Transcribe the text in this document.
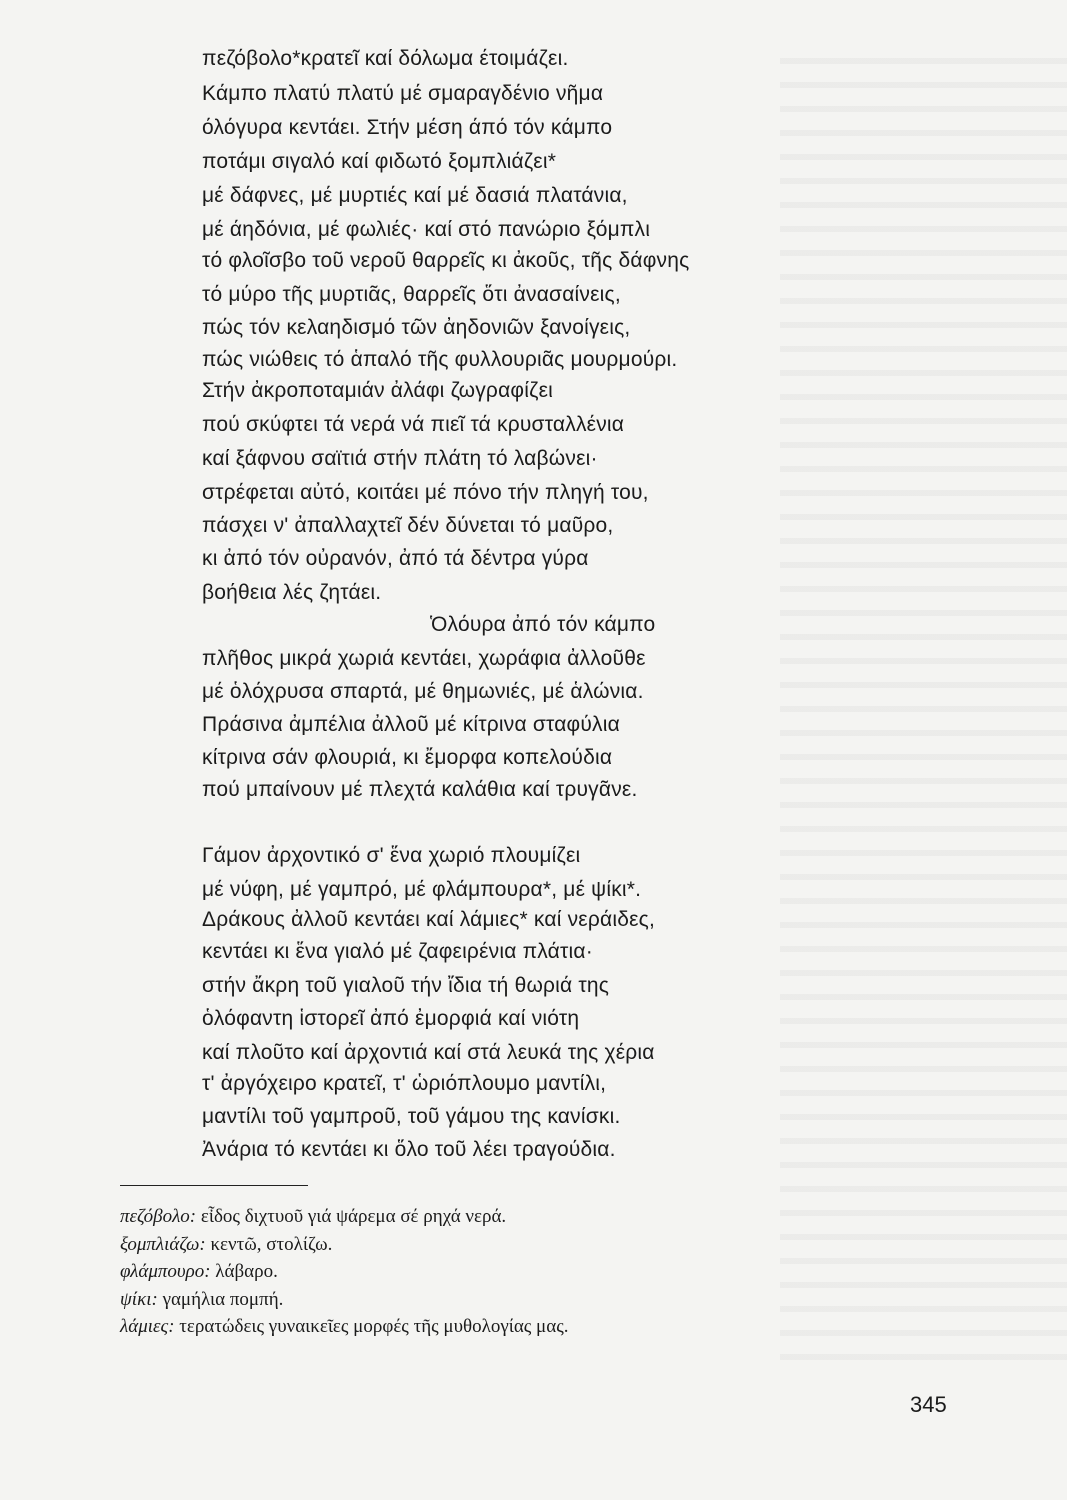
πεζόβολο*κρατεῖ καί δόλωμα έτοιμάζει.
Κάμπο πλατύ πλατύ μέ σμαραγδένιο νῆμα
όλόγυρα κεντάει. Στήν μέση άπό τόν κάμπο
ποτάμι σιγαλό καί φιδωτό ξομπλιάζει*
μέ δάφνες, μέ μυρτιές καί μέ δασιά πλατάνια,
μέ άηδόνια, μέ φωλιές· καί στό πανώριο ξόμπλι
τό φλοῖσβο τοῦ νεροῦ θαρρεῖς κι ἀκοῦς, τῆς δάφνης
τό μύρο τῆς μυρτιᾶς, θαρρεῖς ὅτι ἀνασαίνεις,
πώς τόν κελαηδισμό τῶν ἀηδονιῶν ξανοίγεις,
πώς νιώθεις τό ἁπαλό τῆς φυλλουριᾶς μουρμούρι.
Στήν ἀκροποταμιάν ἀλάφι ζωγραφίζει
πού σκύφτει τά νερά νά πιεῖ τά κρυσταλλένια
καί ξάφνου σαϊτιά στήν πλάτη τό λαβώνει·
στρέφεται αὐτό, κοιτάει μέ πόνο τήν πληγή του,
πάσχει ν' ἀπαλλαχτεῖ δέν δύνεται τό μαῦρο,
κι ἀπό τόν οὐρανόν, ἀπό τά δέντρα γύρα
βοήθεια λές ζητάει.
Ὁλόυρα ἀπό τόν κάμπο
πλῆθος μικρά χωριά κεντάει, χωράφια ἀλλοῦθε
μέ ὁλόχρυσα σπαρτά, μέ θημωνιές, μέ ἁλώνια.
Πράσινα ἀμπέλια ἀλλοῦ μέ κίτρινα σταφύλια
κίτρινα σάν φλουριά, κι ἔμορφα κοπελούδια
πού μπαίνουν μέ πλεχτά καλάθια καί τρυγᾶνε.
Γάμον ἀρχοντικό σ' ἕνα χωριό πλουμίζει
μέ νύφη, μέ γαμπρό, μέ φλάμπουρα*, μέ ψίκι*.
Δράκους ἀλλοῦ κεντάει καί λάμιες* καί νεράιδες,
κεντάει κι ἕνα γιαλό μέ ζαφειρένια πλάτια·
στήν ἄκρη τοῦ γιαλοῦ τήν ἴδια τή θωριά της
ὁλόφαντη ἱστορεῖ ἀπό ἐμορφιά καί νιότη
καί πλοῦτο καί ἀρχοντιά καί στά λευκά της χέρια
τ' ἀργόχειρο κρατεῖ, τ' ὡριόπλουμο μαντίλι,
μαντίλι τοῦ γαμπροῦ, τοῦ γάμου της κανίσκι.
Ἀνάρια τό κεντάει κι ὅλο τοῦ λέει τραγούδια.
πεζόβολο: εἶδος διχτυοῦ γιά ψάρεμα σέ ρηχά νερά.
ξομπλιάζω: κεντῶ, στολίζω.
φλάμπουρο: λάβαρο.
ψίκι: γαμήλια πομπή.
λάμιες: τερατώδεις γυναικεῖες μορφές τῆς μυθολογίας μας.
345
